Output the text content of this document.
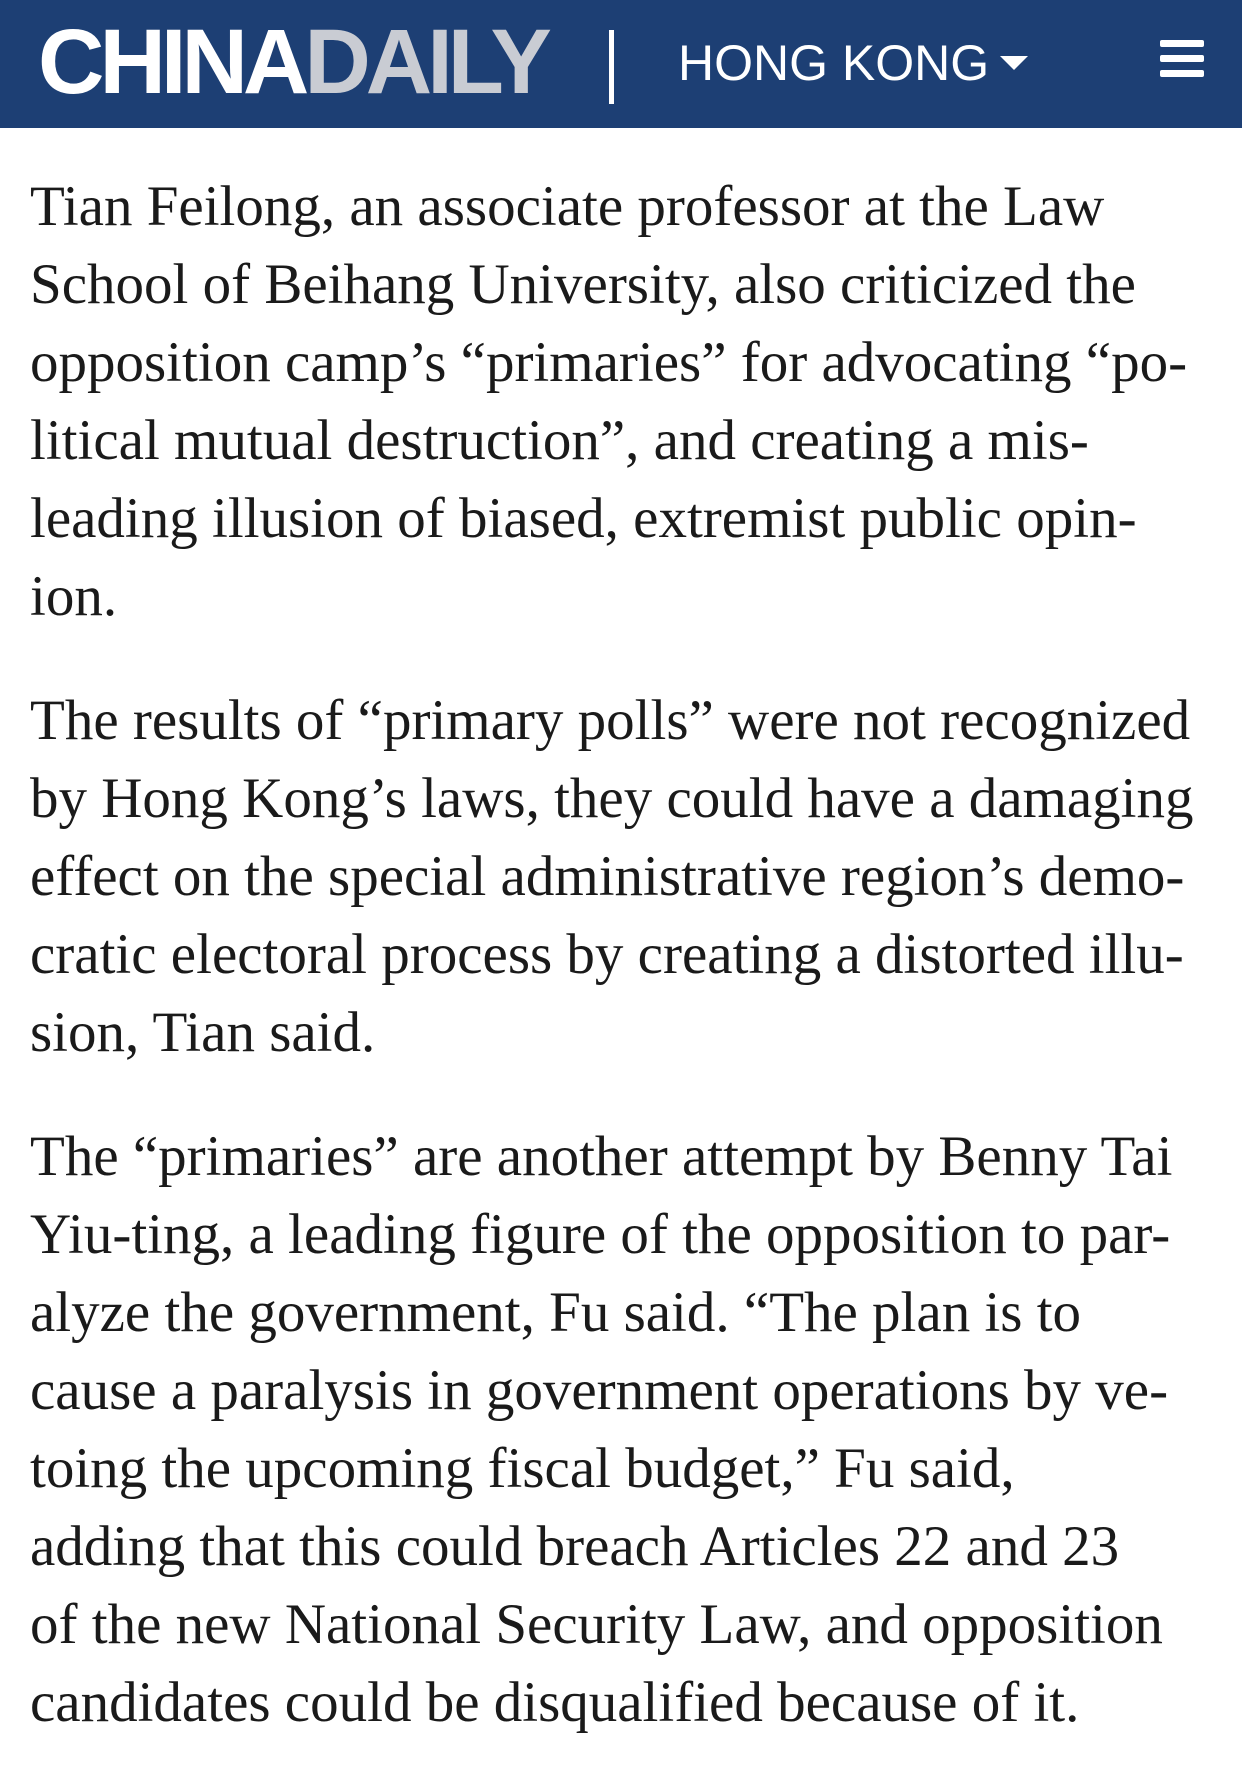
CHINADAILY	HONG KONG
Tian Feilong, an associate professor at the Law
School of Beihang University, also criticized the
opposition camp’s “primaries” for advocating “po-
litical mutual destruction”, and creating a mis-
leading illusion of biased, extremist public opin-
ion.
The results of “primary polls” were not recognized
by Hong Kong’s laws, they could have a damaging
effect on the special administrative region’s demo-
cratic electoral process by creating a distorted illu-
sion, Tian said.
The “primaries” are another attempt by Benny Tai
Yiu-ting, a leading figure of the opposition to par-
alyze the government, Fu said. “The plan is to
cause a paralysis in government operations by ve-
toing the upcoming fiscal budget,” Fu said,
adding that this could breach Articles 22 and 23
of the new National Security Law, and opposition
candidates could be disqualified because of it.
